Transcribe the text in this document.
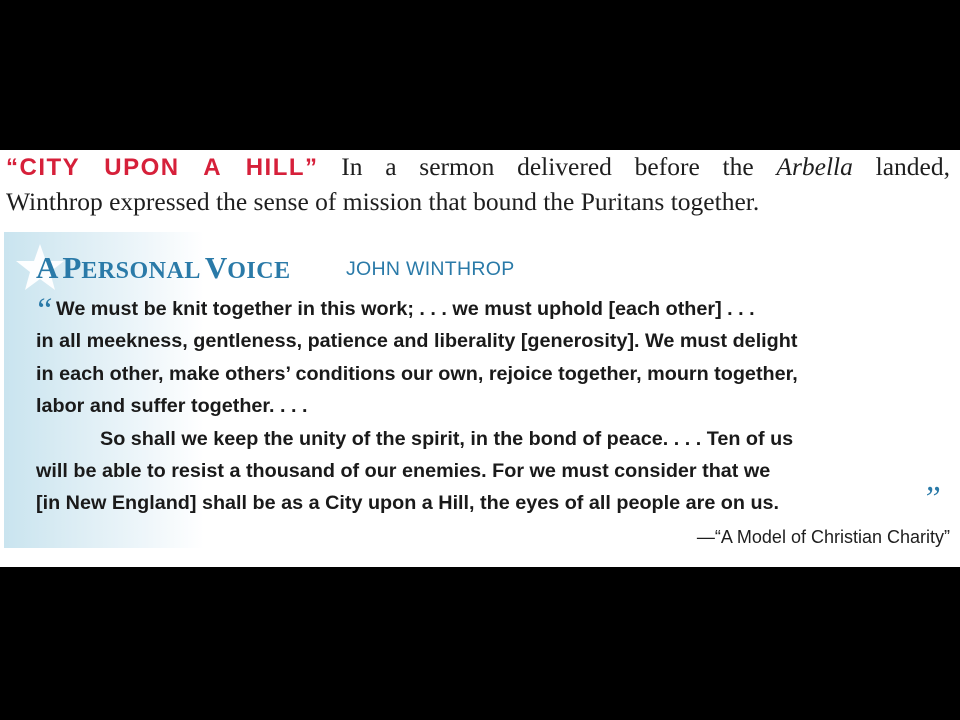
“CITY UPON A HILL” In a sermon delivered before the Arbella landed,
Winthrop expressed the sense of mission that bound the Puritans together.
A PERSONAL VOICE	JOHN WINTHROP
“ We must be knit together in this work; . . . we must uphold [each other] . . .
in all meekness, gentleness, patience and liberality [generosity]. We must delight
in each other, make others’ conditions our own, rejoice together, mourn together,
labor and suffer together. . . .
So shall we keep the unity of the spirit, in the bond of peace. . . . Ten of us
will be able to resist a thousand of our enemies. For we must consider that we
[in New England] shall be as a City upon a Hill, the eyes of all people are on us.	”
—“A Model of Christian Charity”
